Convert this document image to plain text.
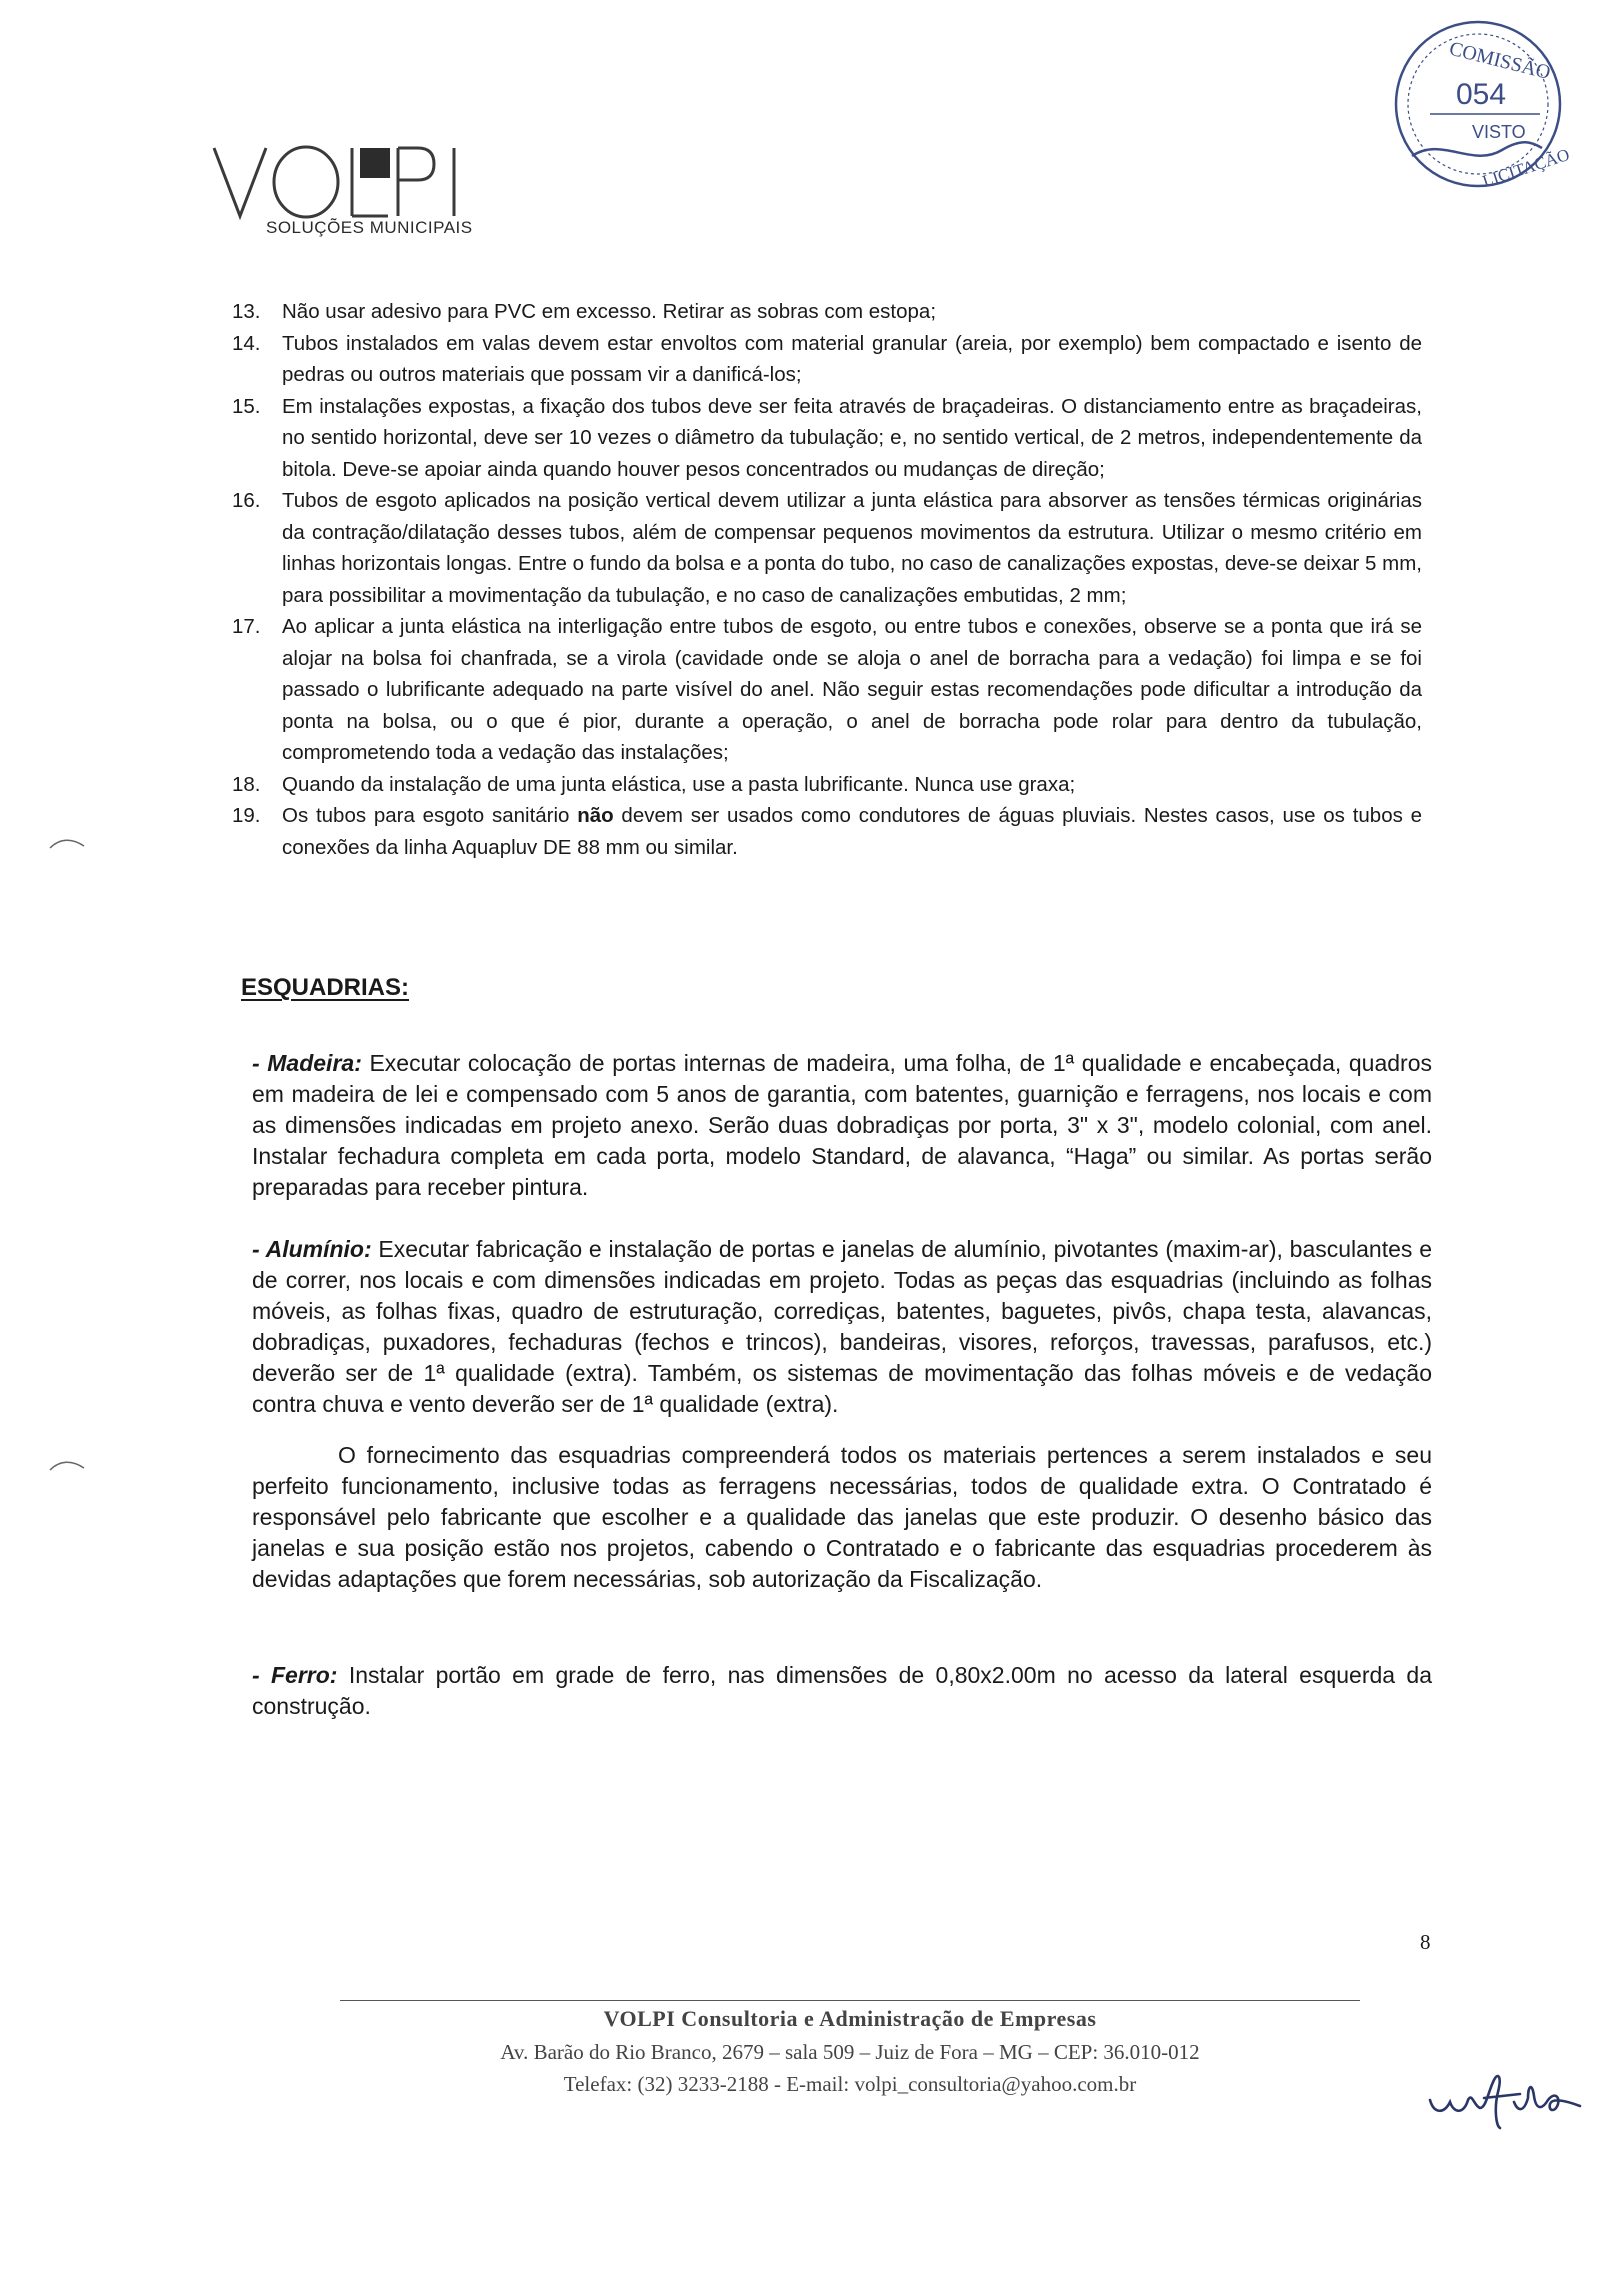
SOLUÇÕES MUNICIPAIS
COMISSÃO
054
VISTO
LICITAÇÃO
13. Não usar adesivo para PVC em excesso. Retirar as sobras com estopa;
14. Tubos instalados em valas devem estar envoltos com material granular (areia, por exemplo) bem compactado e isento de pedras ou outros materiais que possam vir a danificá-los;
15. Em instalações expostas, a fixação dos tubos deve ser feita através de braçadeiras. O distanciamento entre as braçadeiras, no sentido horizontal, deve ser 10 vezes o diâmetro da tubulação; e, no sentido vertical, de 2 metros, independentemente da bitola. Deve-se apoiar ainda quando houver pesos concentrados ou mudanças de direção;
16. Tubos de esgoto aplicados na posição vertical devem utilizar a junta elástica para absorver as tensões térmicas originárias da contração/dilatação desses tubos, além de compensar pequenos movimentos da estrutura. Utilizar o mesmo critério em linhas horizontais longas. Entre o fundo da bolsa e a ponta do tubo, no caso de canalizações expostas, deve-se deixar 5 mm, para possibilitar a movimentação da tubulação, e no caso de canalizações embutidas, 2 mm;
17. Ao aplicar a junta elástica na interligação entre tubos de esgoto, ou entre tubos e conexões, observe se a ponta que irá se alojar na bolsa foi chanfrada, se a virola (cavidade onde se aloja o anel de borracha para a vedação) foi limpa e se foi passado o lubrificante adequado na parte visível do anel. Não seguir estas recomendações pode dificultar a introdução da ponta na bolsa, ou o que é pior, durante a operação, o anel de borracha pode rolar para dentro da tubulação, comprometendo toda a vedação das instalações;
18. Quando da instalação de uma junta elástica, use a pasta lubrificante. Nunca use graxa;
19. Os tubos para esgoto sanitário não devem ser usados como condutores de águas pluviais. Nestes casos, use os tubos e conexões da linha Aquapluv DE 88 mm ou similar.
ESQUADRIAS:

- Madeira: Executar colocação de portas internas de madeira, uma folha, de 1ª qualidade e encabeçada, quadros em madeira de lei e compensado com 5 anos de garantia, com batentes, guarnição e ferragens, nos locais e com as dimensões indicadas em projeto anexo. Serão duas dobradiças por porta, 3" x 3", modelo colonial, com anel. Instalar fechadura completa em cada porta, modelo Standard, de alavanca, “Haga” ou similar. As portas serão preparadas para receber pintura.

- Alumínio: Executar fabricação e instalação de portas e janelas de alumínio, pivotantes (maxim-ar), basculantes e de correr, nos locais e com dimensões indicadas em projeto. Todas as peças das esquadrias (incluindo as folhas móveis, as folhas fixas, quadro de estruturação, corrediças, batentes, baguetes, pivôs, chapa testa, alavancas, dobradiças, puxadores, fechaduras (fechos e trincos), bandeiras, visores, reforços, travessas, parafusos, etc.) deverão ser de 1ª qualidade (extra). Também, os sistemas de movimentação das folhas móveis e de vedação contra chuva e vento deverão ser de 1ª qualidade (extra).

O fornecimento das esquadrias compreenderá todos os materiais pertences a serem instalados e seu perfeito funcionamento, inclusive todas as ferragens necessárias, todos de qualidade extra. O Contratado é responsável pelo fabricante que escolher e a qualidade das janelas que este produzir. O desenho básico das janelas e sua posição estão nos projetos, cabendo o Contratado e o fabricante das esquadrias procederem às devidas adaptações que forem necessárias, sob autorização da Fiscalização.

- Ferro: Instalar portão em grade de ferro, nas dimensões de 0,80x2.00m no acesso da lateral esquerda da construção.

8
VOLPI Consultoria e Administração de Empresas
Av. Barão do Rio Branco, 2679 – sala 509 – Juiz de Fora – MG – CEP: 36.010-012
Telefax: (32) 3233-2188 - E-mail: volpi_consultoria@yahoo.com.br
